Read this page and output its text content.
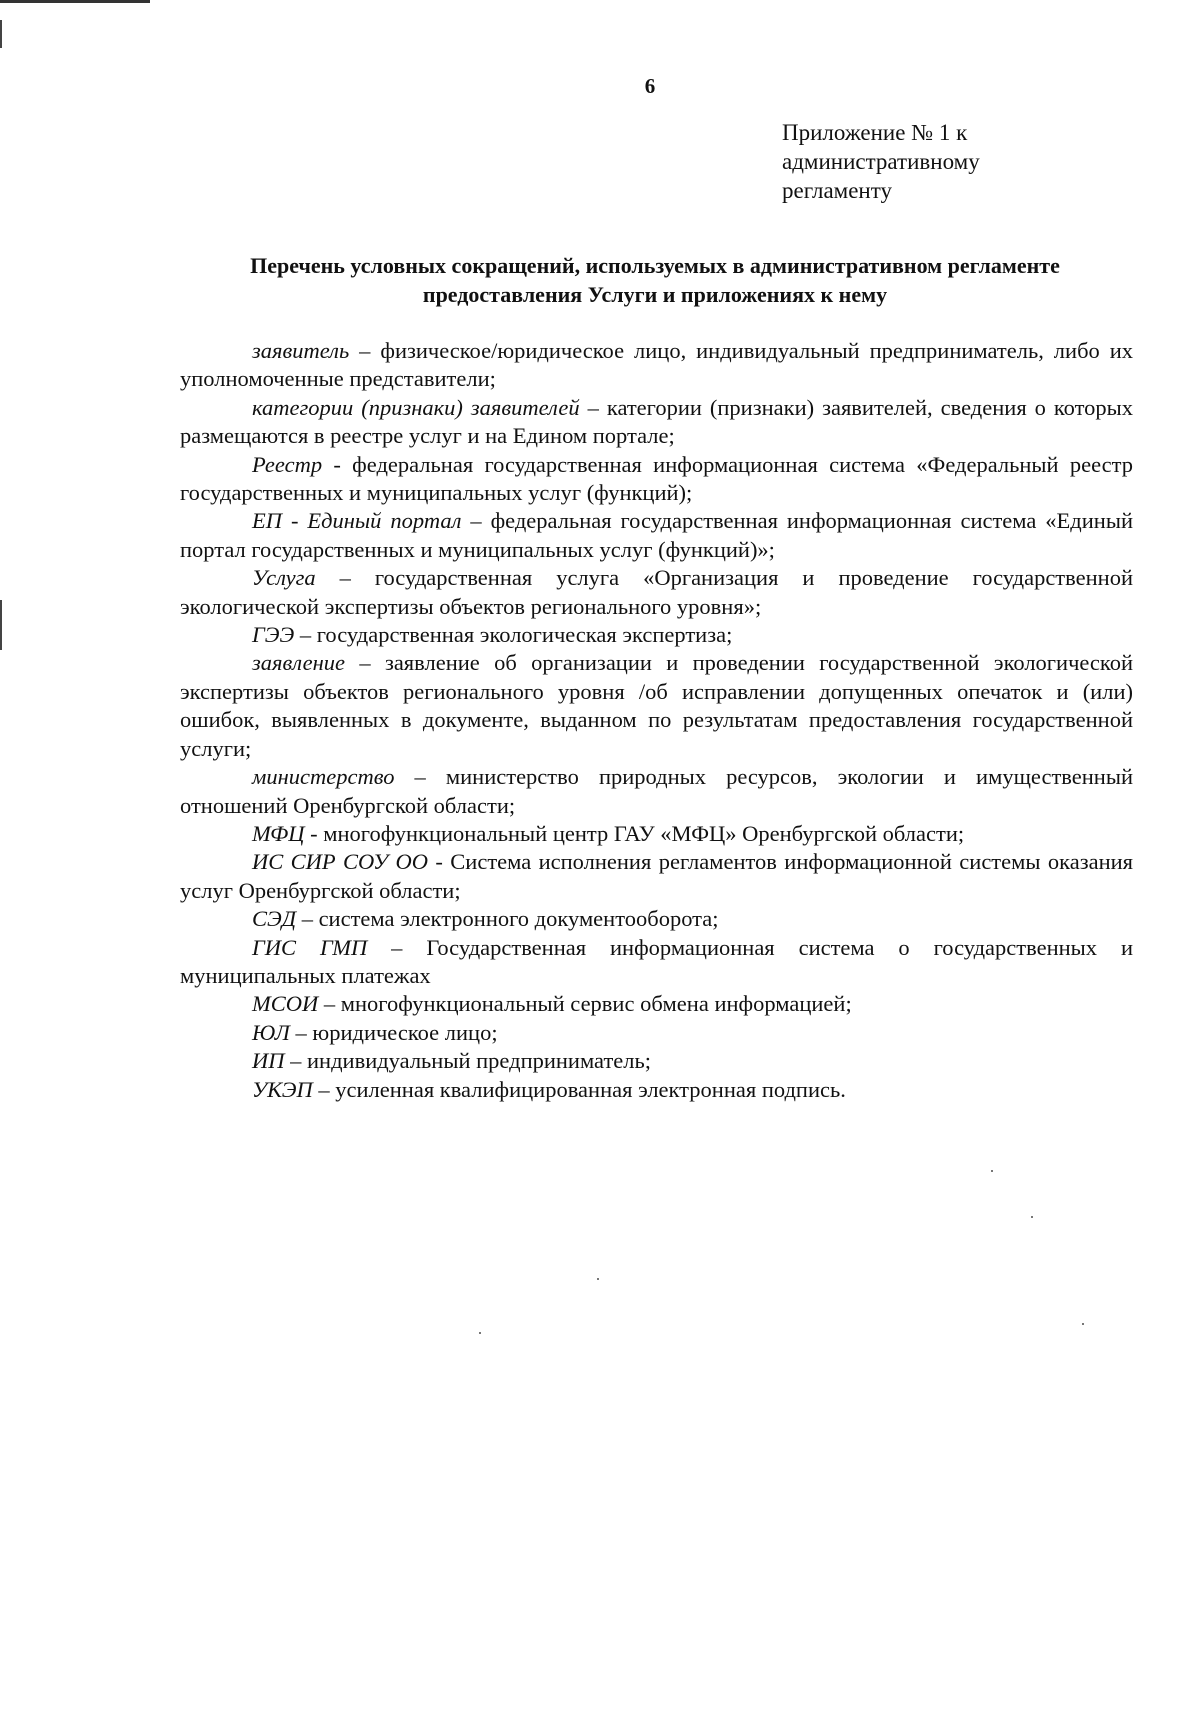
6
Приложение № 1 к
административному
регламенту
Перечень условных сокращений, используемых в административном регламенте
предоставления Услуги и приложениях к нему

заявитель – физическое/юридическое лицо, индивидуальный предприниматель, либо их уполномоченные представители;

категории (признаки) заявителей – категории (признаки) заявителей, сведения о которых размещаются в реестре услуг и на Едином портале;

Реестр - федеральная государственная информационная система «Федеральный реестр государственных и муниципальных услуг (функций);

ЕП - Единый портал – федеральная государственная информационная система «Единый портал государственных и муниципальных услуг (функций)»;

Услуга – государственная услуга «Организация и проведение государственной экологической экспертизы объектов регионального уровня»;

ГЭЭ – государственная экологическая экспертиза;

заявление – заявление об организации и проведении государственной экологической экспертизы объектов регионального уровня /об исправлении допущенных опечаток и (или) ошибок, выявленных в документе, выданном по результатам предоставления государственной услуги;

министерство – министерство природных ресурсов, экологии и имущественный отношений Оренбургской области;

МФЦ - многофункциональный центр ГАУ «МФЦ» Оренбургской области;

ИС СИР СОУ ОО - Система исполнения регламентов информационной системы оказания услуг Оренбургской области;

СЭД – система электронного документооборота;

ГИС ГМП – Государственная информационная система о государственных и муниципальных платежах

МСОИ – многофункциональный сервис обмена информацией;

ЮЛ – юридическое лицо;

ИП – индивидуальный предприниматель;

УКЭП – усиленная квалифицированная электронная подпись.
